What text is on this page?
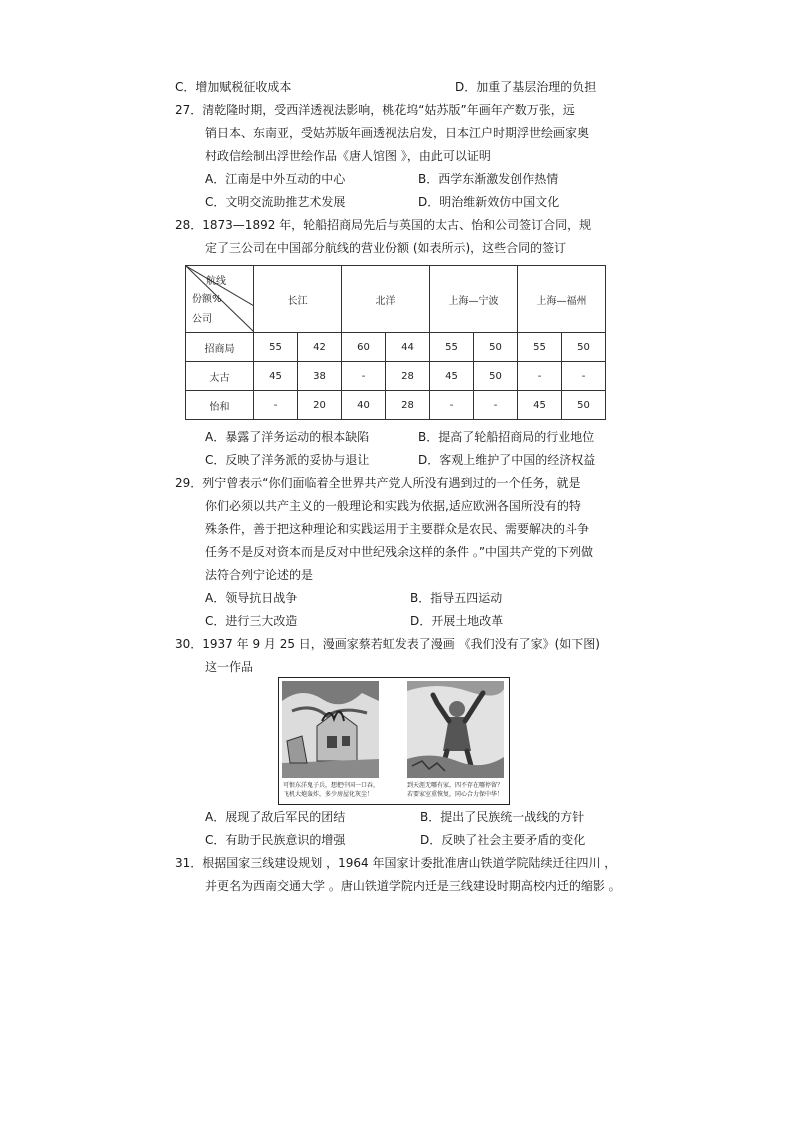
C．增加赋税征收成本	D．加重了基层治理的负担
27．清乾隆时期，受西洋透视法影响，桃花坞“姑苏版”年画年产数万张，远
销日本、东南亚，受姑苏版年画透视法启发，日本江户时期浮世绘画家奥
村政信绘制出浮世绘作品《唐人馆图 》，由此可以证明
A．江南是中外互动的中心	B．西学东渐激发创作热情
C．文明交流助推艺术发展	D．明治维新效仿中国文化
28．1873—1892 年，轮船招商局先后与英国的太古、怡和公司签订合同，规
定了三公司在中国部分航线的营业份额 (如表所示)，这些合同的签订
航线
份额%
公司	长江		北洋		上海—宁波		上海—福州	
招商局	55	42	60	44	55	50	55	50
太古	45	38	-	28	45	50	-	-
怡和	-	20	40	28	-	-	45	50
A．暴露了洋务运动的根本缺陷	B．提高了轮船招商局的行业地位
C．反映了洋务派的妥协与退让	D．客观上维护了中国的经济权益
29．列宁曾表示“你们面临着全世界共产党人所没有遇到过的一个任务，就是
你们必须以共产主义的一般理论和实践为依据,适应欧洲各国所没有的特
殊条件，善于把这种理论和实践运用于主要群众是农民、需要解决的斗争
任务不是反对资本而是反对中世纪残余这样的条件 。”中国共产党的下列做
法符合列宁论述的是
A．领导抗日战争	B．指导五四运动
C．进行三大改造	D．开展土地改革
30．1937 年 9 月 25 日，漫画家蔡若虹发表了漫画 《我们没有了家》(如下图)
这一作品
可恨东洋鬼子兵，想把中国一口吞，
飞机大炮轰炸，多少房屋化灰尘！
到天涯无哪有家，四不存在哪停留？
若要家室重恢复，同心合力保中华！
A．展现了敌后军民的团结	B．提出了民族统一战线的方针
C．有助于民族意识的增强	D．反映了社会主要矛盾的变化
31．根据国家三线建设规划 ，1964 年国家计委批准唐山铁道学院陆续迁往四川 ，
并更名为西南交通大学 。唐山铁道学院内迁是三线建设时期高校内迁的缩影 。
